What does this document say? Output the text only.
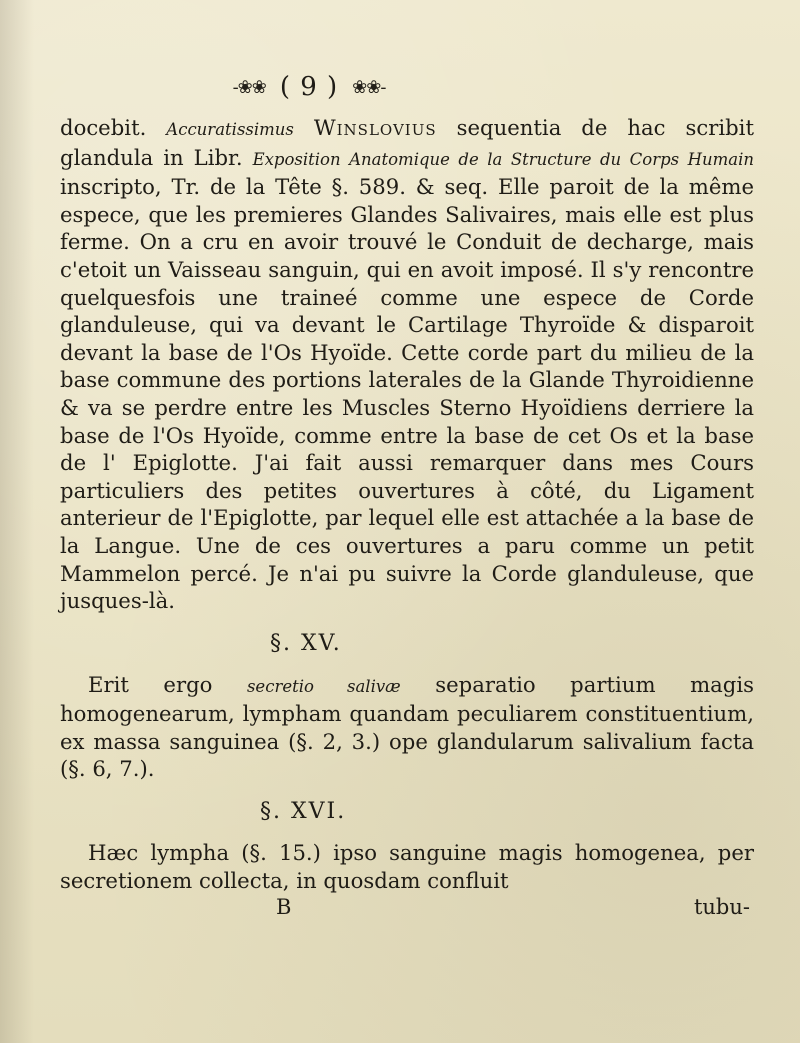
-❀❀ ( 9 ) ❀❀-

docebit. Accuratissimus Winslovius sequentia de hac scribit glandula in Libr. Exposition Anatomique de la Structure du Corps Humain inscripto, Tr. de la Tête §. 589. & seq. Elle paroit de la même espece, que les premieres Glandes Salivaires, mais elle est plus ferme. On a cru en avoir trouvé le Conduit de decharge, mais c'etoit un Vaisseau sanguin, qui en avoit imposé. Il s'y rencontre quelquesfois une traineé comme une espece de Corde glanduleuse, qui va devant le Cartilage Thyroïde & disparoit devant la base de l'Os Hyoïde. Cette corde part du milieu de la base commune des portions laterales de la Glande Thyroidienne & va se perdre entre les Muscles Sterno Hyoïdiens derriere la base de l'Os Hyoïde, comme entre la base de cet Os et la base de l' Epiglotte. J'ai fait aussi remarquer dans mes Cours particuliers des petites ouvertures à côté, du Ligament anterieur de l'Epiglotte, par lequel elle est attachée a la base de la Langue. Une de ces ouvertures a paru comme un petit Mammelon percé. Je n'ai pu suivre la Corde glanduleuse, que jusques-là.

§. XV.

Erit ergo secretio salivæ separatio partium magis homogenearum, lympham quandam peculiarem constituentium, ex massa sanguinea (§. 2, 3.) ope glandularum salivalium facta (§. 6, 7.).

§. XVI.

Hæc lympha (§. 15.) ipso sanguine magis homogenea, per secretionem collecta, in quosdam confluit

B	tubu-
